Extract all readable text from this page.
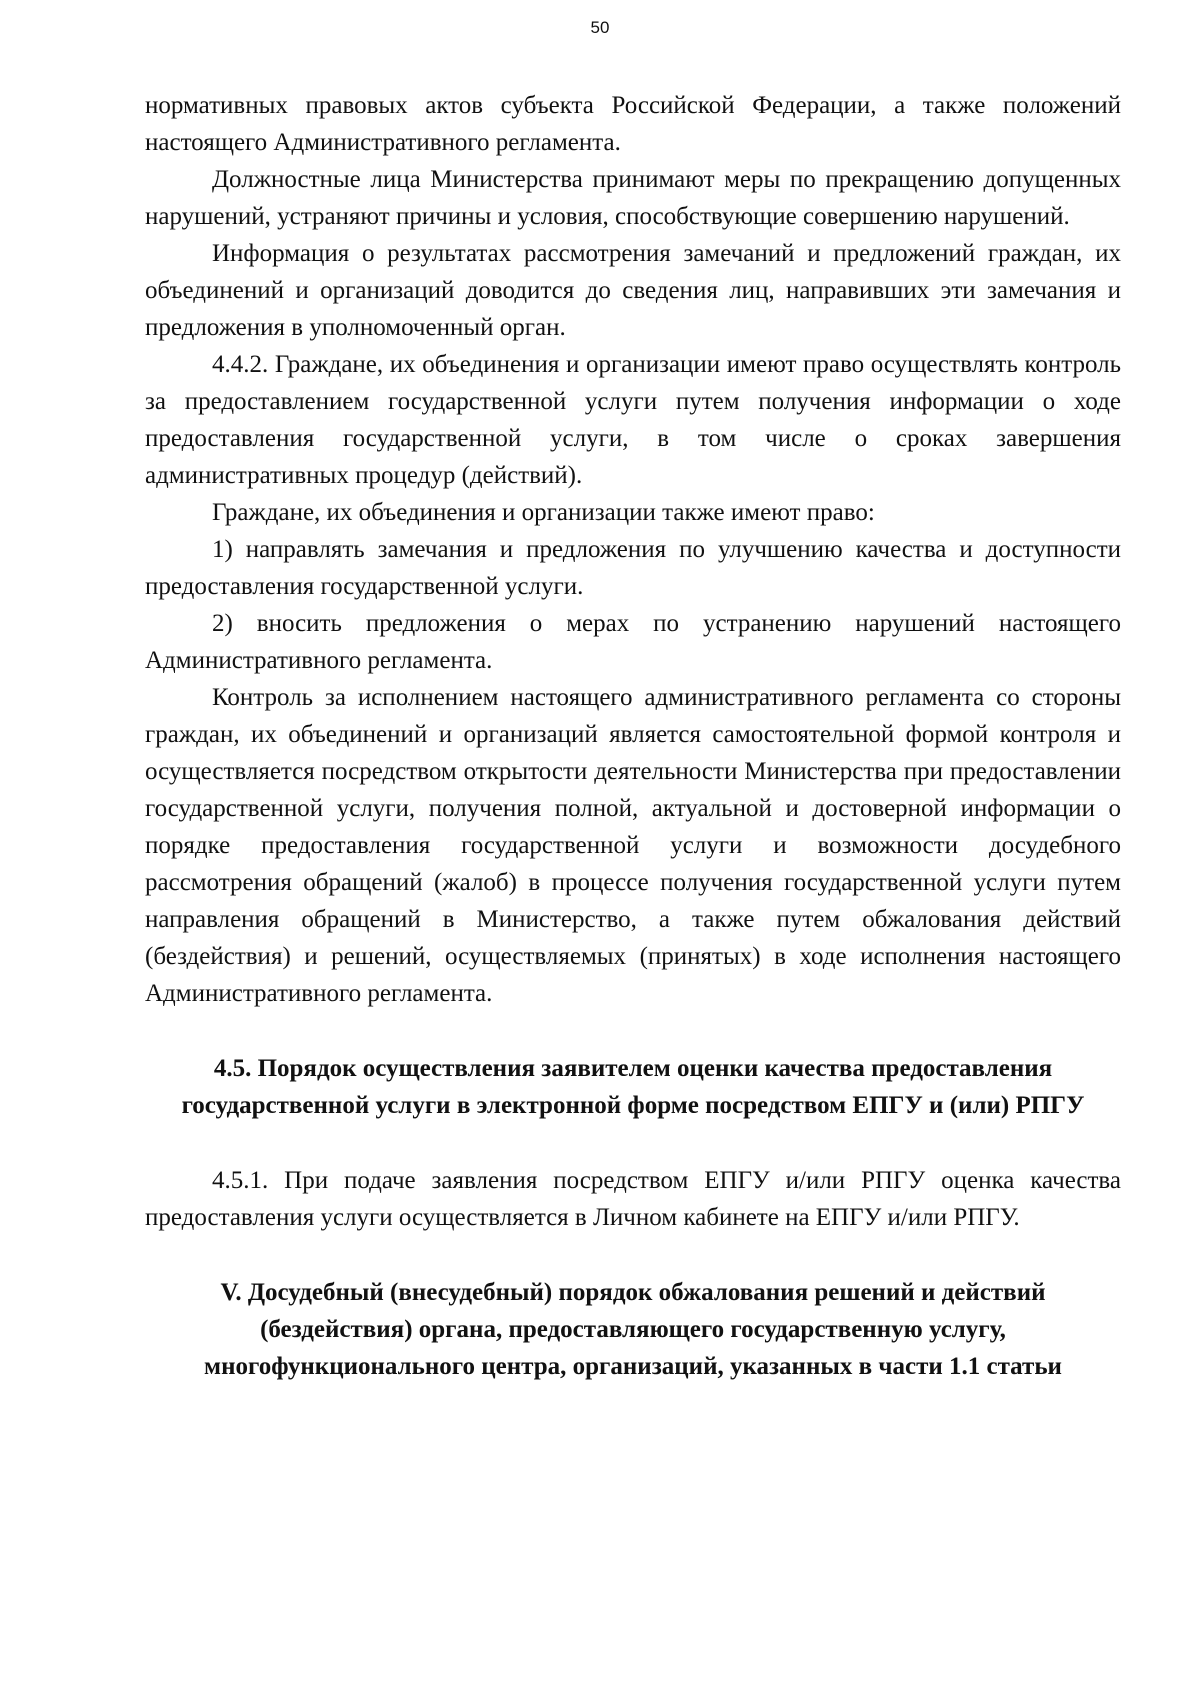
50

нормативных правовых актов субъекта Российской Федерации, а также положений настоящего Административного регламента.

Должностные лица Министерства принимают меры по прекращению допущенных нарушений, устраняют причины и условия, способствующие совершению нарушений.

Информация о результатах рассмотрения замечаний и предложений граждан, их объединений и организаций доводится до сведения лиц, направивших эти замечания и предложения в уполномоченный орган.

4.4.2. Граждане, их объединения и организации имеют право осуществлять контроль за предоставлением государственной услуги путем получения информации о ходе предоставления государственной услуги, в том числе о сроках завершения административных процедур (действий).

Граждане, их объединения и организации также имеют право:

1) направлять замечания и предложения по улучшению качества и доступности предоставления государственной услуги.

2) вносить предложения о мерах по устранению нарушений настоящего Административного регламента.

Контроль за исполнением настоящего административного регламента со стороны граждан, их объединений и организаций является самостоятельной формой контроля и осуществляется посредством открытости деятельности Министерства при предоставлении государственной услуги, получения полной, актуальной и достоверной информации о порядке предоставления государственной услуги и возможности досудебного рассмотрения обращений (жалоб) в процессе получения государственной услуги путем направления обращений в Министерство, а также путем обжалования действий (бездействия) и решений, осуществляемых (принятых) в ходе исполнения настоящего Административного регламента.

4.5. Порядок осуществления заявителем оценки качества предоставления государственной услуги в электронной форме посредством ЕПГУ и (или) РПГУ

4.5.1. При подаче заявления посредством ЕПГУ и/или РПГУ оценка качества предоставления услуги осуществляется в Личном кабинете на ЕПГУ и/или РПГУ.

V. Досудебный (внесудебный) порядок обжалования решений и действий (бездействия) органа, предоставляющего государственную услугу, многофункционального центра, организаций, указанных в части 1.1 статьи
